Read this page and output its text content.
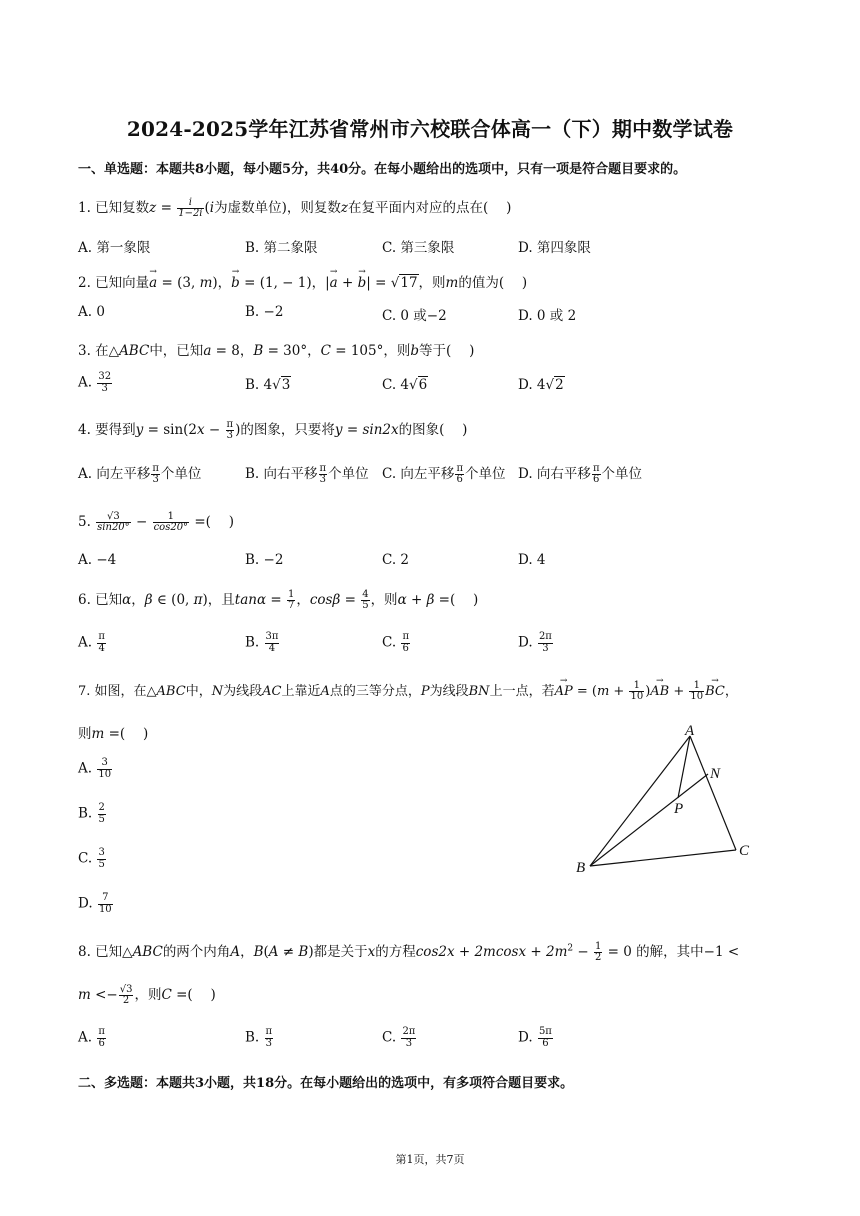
2024-2025学年江苏省常州市六校联合体高一（下）期中数学试卷
一、单选题：本题共8小题，每小题5分，共40分。在每小题给出的选项中，只有一项是符合题目要求的。
1. 已知复数$z = \frac{i}{1-2i} (i$为虚数单位)，则复数z在复平面内对应的点在(　 )
A. 第一象限	B. 第二象限	C. 第三象限	D. 第四象限
2. 已知向量→ a = (3, m)，→ b = (1, − 1)，|→ a + → b| = √17，则m的值为(　 )
A. 0	B. −2	C. 0 或−2	D. 0 或 2
3. 在△ABC中，已知a = 8，B = 30°，C = 105°，则b等于(　 )
A. $\frac{32}{3}$	B. 4√3	C. 4√6	D. 4√2
4. 要得到$y = \sin(2x - \frac{\pi}{3}$ )的图象，只要将y = sin2x的图象(　 )
A. 向左平移 $\frac{\pi}{3}$ 个单位	B. 向右平移 $\frac{\pi}{3}$ 个单位 C. 向左平移 $\frac{\pi}{6}$ 个单位 D. 向右平移 $\frac{\pi}{6}$ 个单位
5. $\frac{√3}{\sin 20^\circ} - \frac{1}{\cos 20^\circ}$ =(　 )
A. −4	B. −2	C. 2	D. 4
6. 已知α，β ∈ (0, π)，且$\tan\alpha = \frac{1}{7}$ ，$\cos\beta = \frac{4}{5}$ ，则α + β =(　 )
A. $\frac{\pi}{4}$	B. $\frac{3\pi}{4}$	C. $\frac{\pi}{6}$	D. $\frac{2\pi}{3}$
7. 如图，在△ABC中，N为线段AC上靠近A点的三等分点，P为线段BN上一点，若→ AP = ($m + \frac{1}{10}$ )→ AB + $\frac{1}{10}$
→ BC，
则m =(　 )
A. $\frac{3}{10}$
B. $\frac{2}{5}$
C. $\frac{3}{5}$
D. $\frac{7}{10}$
A
B
C
N
P
8. 已知△ABC的两个内角A，B(A ≠ B)都是关于x的方程$\cos 2x + 2mcosx + 2m^2 - \frac{1}{2} = 0$ 的解，其中−1 <
$m <- \frac{√3}{2}$ ，则C =(　 )
A. $\frac{\pi}{6}$	B. $\frac{\pi}{3}$	C. $\frac{2\pi}{3}$	D. $\frac{5\pi}{6}$
二、多选题：本题共3小题，共18分。在每小题给出的选项中，有多项符合题目要求。
第1页，共7页
